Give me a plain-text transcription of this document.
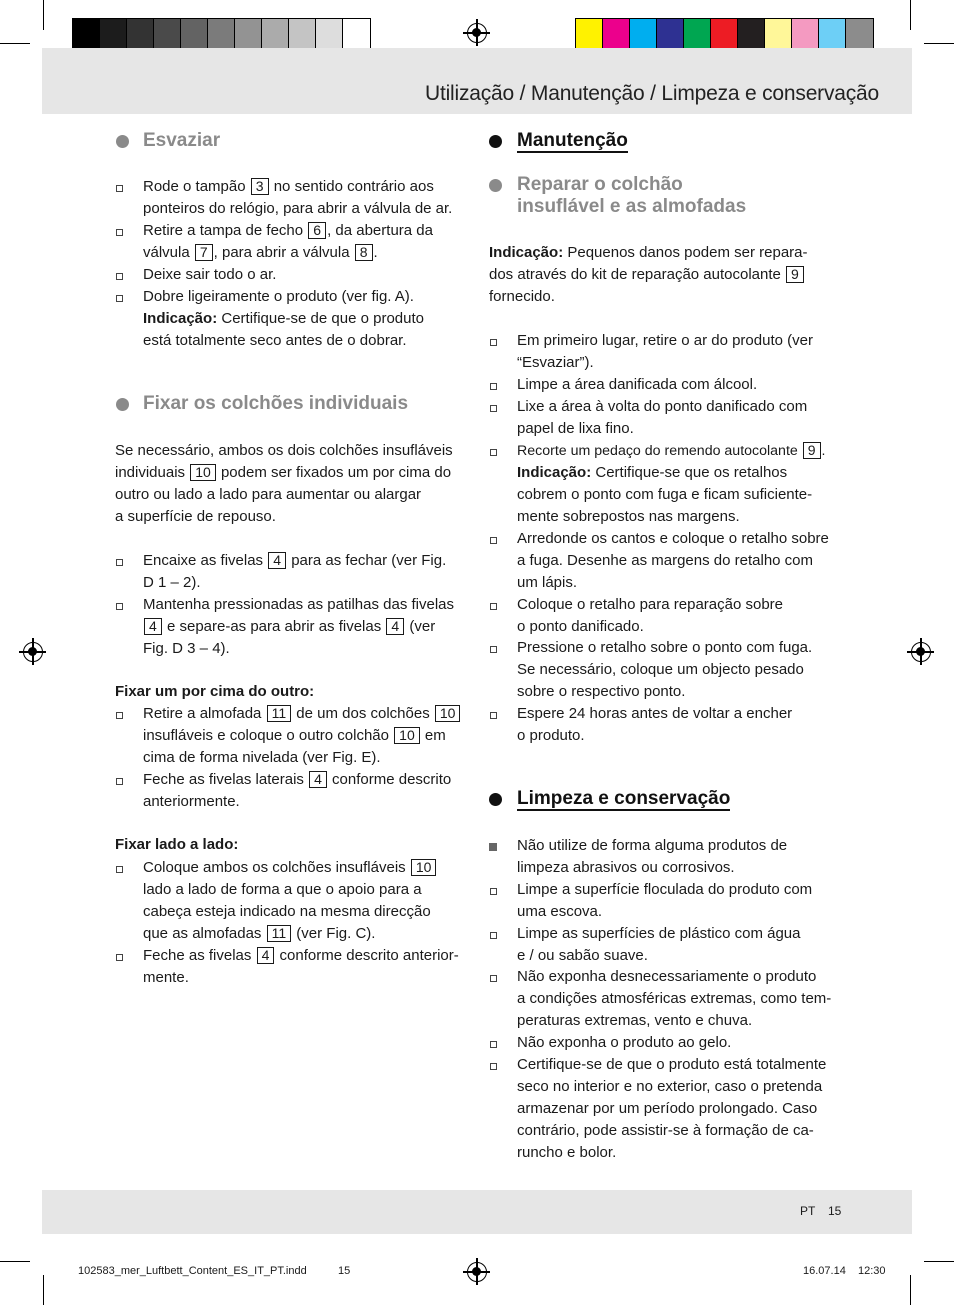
Utilização / Manutenção / Limpeza e conservação
Esvaziar
Rode o tampão 3 no sentido contrário aos
ponteiros do relógio, para abrir a válvula de ar.
Retire a tampa de fecho 6 , da abertura da
válvula 7 , para abrir a válvula 8 .
Deixe sair todo o ar.
Dobre ligeiramente o produto (ver fig. A).
Indicação: Certifique-se de que o produto
está totalmente seco antes de o dobrar.
Fixar os colchões individuais
Se necessário, ambos os dois colchões insufláveis
individuais 10 podem ser fixados um por cima do
outro ou lado a lado para aumentar ou alargar
a superfície de repouso.
Encaixe as fivelas 4 para as fechar (ver Fig.
D 1 – 2).
Mantenha pressionadas as patilhas das fivelas
4 e separe-as para abrir as fivelas 4 (ver
Fig. D 3 – 4).
Fixar um por cima do outro:
Retire a almofada 11 de um dos colchões 10
insufláveis e coloque o outro colchão 10 em
cima de forma nivelada (ver Fig. E).
Feche as fivelas laterais 4 conforme descrito
anteriormente.
Fixar lado a lado:
Coloque ambos os colchões insufláveis 10
lado a lado de forma a que o apoio para a
cabeça esteja indicado na mesma direcção
que as almofadas 11 (ver Fig. C).
Feche as fivelas 4 conforme descrito anterior-
mente.
Manutenção
Reparar o colchão
insuflável e as almofadas
Indicação: Pequenos danos podem ser repara-
dos através do kit de reparação autocolante 9
fornecido.
Em primeiro lugar, retire o ar do produto (ver
“Esvaziar”).
Limpe a área danificada com álcool.
Lixe a área à volta do ponto danificado com
papel de lixa fino.
Recorte um pedaço do remendo autocolante 9 .
Indicação: Certifique-se que os retalhos
cobrem o ponto com fuga e ficam suficiente-
mente sobrepostos nas margens.
Arredonde os cantos e coloque o retalho sobre
a fuga. Desenhe as margens do retalho com
um lápis.
Coloque o retalho para reparação sobre
o ponto danificado.
Pressione o retalho sobre o ponto com fuga.
Se necessário, coloque um objecto pesado
sobre o respectivo ponto.
Espere 24 horas antes de voltar a encher
o produto.
Limpeza e conservação
Não utilize de forma alguma produtos de
limpeza abrasivos ou corrosivos.
Limpe a superfície floculada do produto com
uma escova.
Limpe as superfícies de plástico com água
e / ou sabão suave.
Não exponha desnecessariamente o produto
a condições atmosféricas extremas, como tem-
peraturas extremas, vento e chuva.
Não exponha o produto ao gelo.
Certifique-se de que o produto está totalmente
seco no interior e no exterior, caso o pretenda
armazenar por um período prolongado. Caso
contrário, pode assistir-se à formação de ca-
runcho e bolor.
PT 15
102583_mer_Luftbett_Content_ES_IT_PT.indd	15	16.07.14 12:30
